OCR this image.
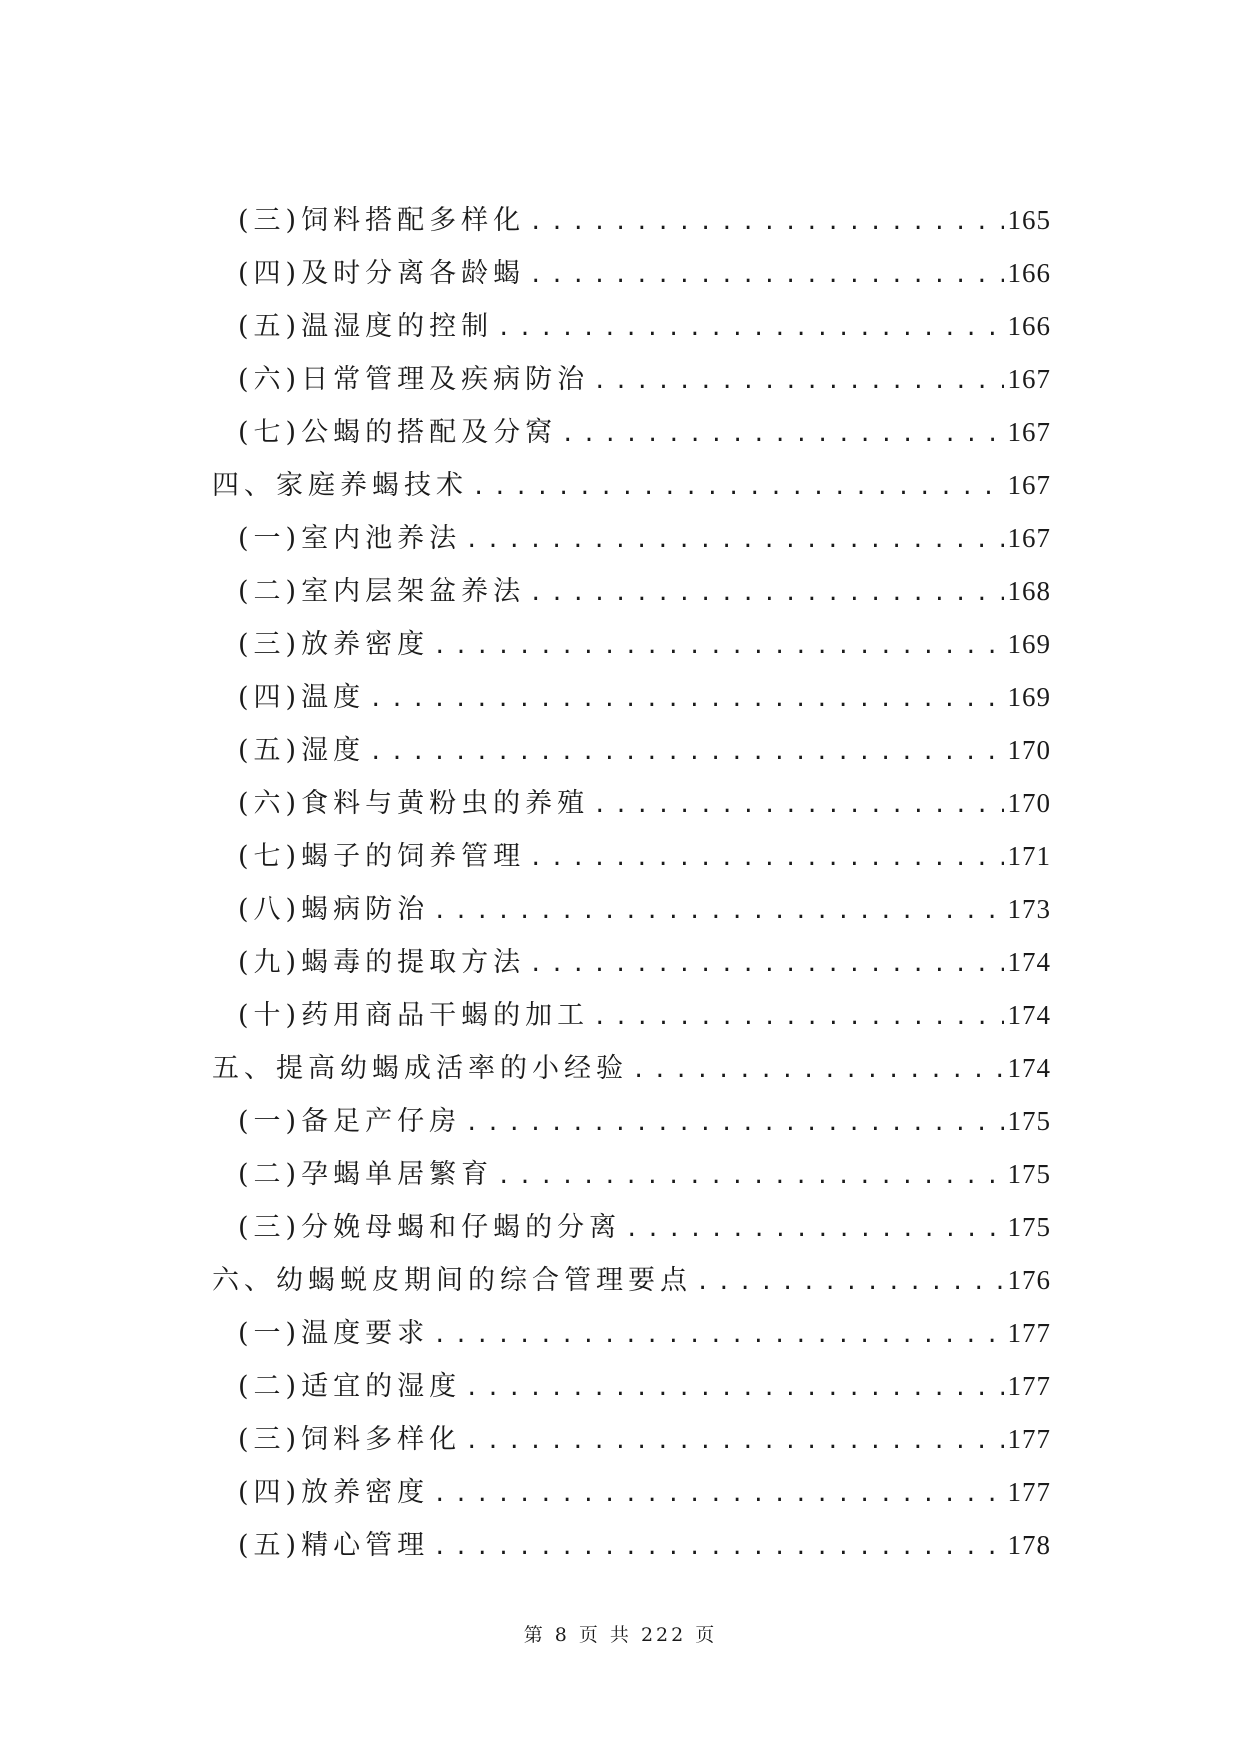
(三)饲料搭配多样化 .....	165
(四)及时分离各龄蝎 .....	166
(五)温湿度的控制 .....	166
(六)日常管理及疾病防治 .....	167
(七)公蝎的搭配及分窝 .....	167
四、家庭养蝎技术 .....	167
(一)室内池养法 .....	167
(二)室内层架盆养法 .....	168
(三)放养密度 .....	169
(四)温度 .....	169
(五)湿度 .....	170
(六)食料与黄粉虫的养殖 .....	170
(七)蝎子的饲养管理 .....	171
(八)蝎病防治 .....	173
(九)蝎毒的提取方法 .....	174
(十)药用商品干蝎的加工 .....	174
五、提高幼蝎成活率的小经验 .....	174
(一)备足产仔房 .....	175
(二)孕蝎单居繁育 .....	175
(三)分娩母蝎和仔蝎的分离 .....	175
六、幼蝎蜕皮期间的综合管理要点 .....	176
(一)温度要求 .....	177
(二)适宜的湿度 .....	177
(三)饲料多样化 .....	177
(四)放养密度 .....	177
(五)精心管理 .....	178
第 8 页 共 222 页
